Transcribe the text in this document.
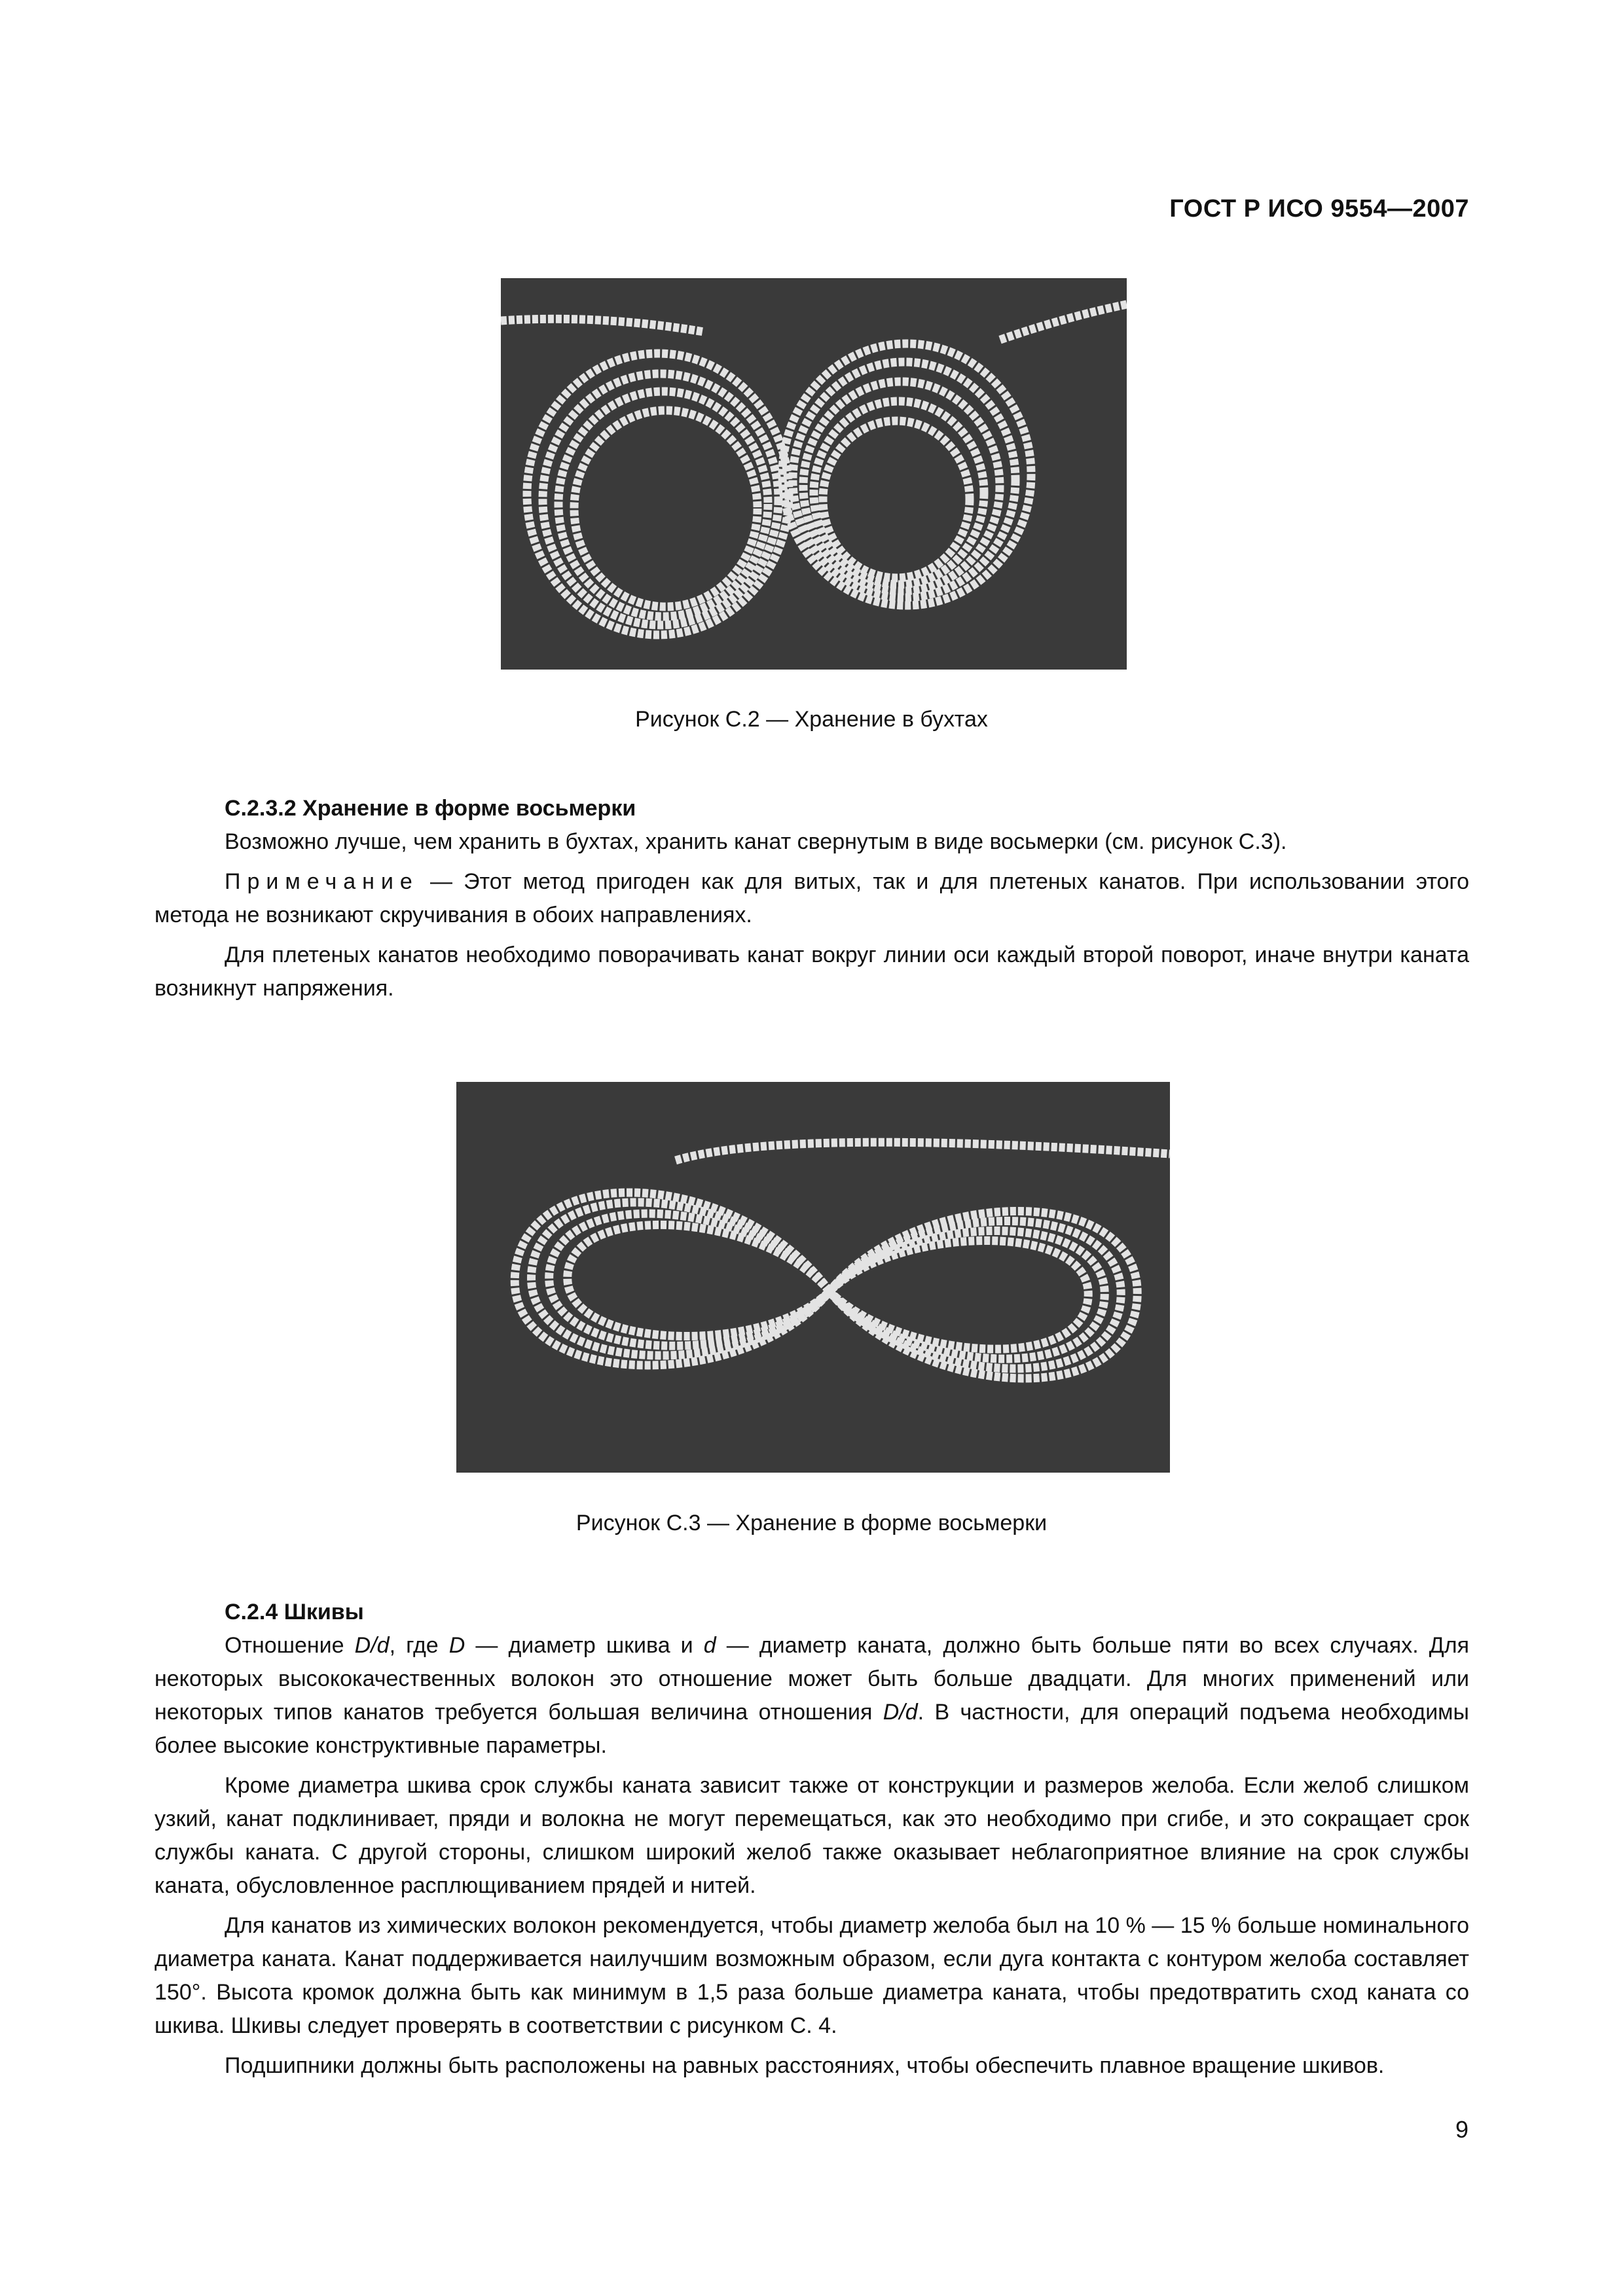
ГОСТ Р ИСО 9554—2007
Рисунок С.2 — Хранение в бухтах
С.2.3.2 Хранение в форме восьмерки

Возможно лучше, чем хранить в бухтах, хранить канат свернутым в виде восьмерки (см. рисунок С.3).

Примечание — Этот метод пригоден как для витых, так и для плетеных канатов. При использовании этого метода не возникают скручивания в обоих направлениях.

Для плетеных канатов необходимо поворачивать канат вокруг линии оси каждый второй поворот, иначе внутри каната возникнут напряжения.

Рисунок С.3 — Хранение в форме восьмерки
С.2.4 Шкивы

Отношение D/d, где D — диаметр шкива и d — диаметр каната, должно быть больше пяти во всех случаях. Для некоторых высококачественных волокон это отношение может быть больше двадцати. Для многих применений или некоторых типов канатов требуется большая величина отношения D/d. В частности, для операций подъема необходимы более высокие конструктивные параметры.

Кроме диаметра шкива срок службы каната зависит также от конструкции и размеров желоба. Если желоб слишком узкий, канат подклинивает, пряди и волокна не могут перемещаться, как это необходимо при сгибе, и это сокращает срок службы каната. С другой стороны, слишком широкий желоб также оказывает неблагоприятное влияние на срок службы каната, обусловленное расплющиванием прядей и нитей.

Для канатов из химических волокон рекомендуется, чтобы диаметр желоба был на 10 % — 15 % больше номинального диаметра каната. Канат поддерживается наилучшим возможным образом, если дуга контакта с контуром желоба составляет 150°. Высота кромок должна быть как минимум в 1,5 раза больше диаметра каната, чтобы предотвратить сход каната со шкива. Шкивы следует проверять в соответствии с рисунком С. 4.

Подшипники должны быть расположены на равных расстояниях, чтобы обеспечить плавное вращение шкивов.

9
